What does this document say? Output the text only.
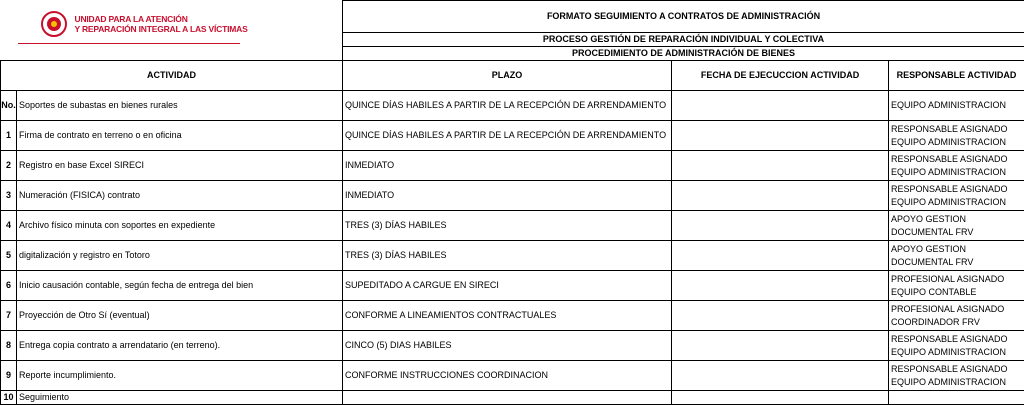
UNIDAD PARA LA ATENCIÓN
Y REPARACIÓN INTEGRAL A LAS VÍCTIMAS		FORMATO SEGUIMIENTO A CONTRATOS DE ADMINISTRACIÓN		
		PROCESO GESTIÓN DE REPARACIÓN INDIVIDUAL Y COLECTIVA		
		PROCEDIMIENTO DE ADMINISTRACIÓN DE BIENES		
ACTIVIDAD		PLAZO	FECHA DE EJECUCCION ACTIVIDAD	RESPONSABLE ACTIVIDAD
No.	Soportes de subastas en bienes rurales	QUINCE DÍAS HABILES A PARTIR DE LA RECEPCIÓN DE ARRENDAMIENTO		EQUIPO ADMINISTRACION
1	Firma de contrato en terreno o en oficina	QUINCE DÍAS HABILES A PARTIR DE LA RECEPCIÓN DE ARRENDAMIENTO		RESPONSABLE ASIGNADO EQUIPO ADMINISTRACION
2	Registro en base Excel SIRECI	INMEDIATO		RESPONSABLE ASIGNADO EQUIPO ADMINISTRACION
3	Numeración (FISICA) contrato	INMEDIATO		RESPONSABLE ASIGNADO EQUIPO ADMINISTRACION
4	Archivo físico minuta con soportes en expediente	TRES (3) DÍAS HABILES		APOYO GESTION DOCUMENTAL FRV
5	digitalización y registro en Totoro	TRES (3) DÍAS HABILES		APOYO GESTION DOCUMENTAL FRV
6	Inicio causación contable, según fecha de entrega del bien	SUPEDITADO A CARGUE EN SIRECI		PROFESIONAL ASIGNADO EQUIPO CONTABLE
7	Proyección de Otro Sí (eventual)	CONFORME A LINEAMIENTOS CONTRACTUALES		PROFESIONAL ASIGNADO COORDINADOR FRV
8	Entrega copia contrato a arrendatario (en terreno).	CINCO (5) DIAS HABILES		RESPONSABLE ASIGNADO EQUIPO ADMINISTRACION
9	Reporte incumplimiento.	CONFORME INSTRUCCIONES COORDINACION		RESPONSABLE ASIGNADO EQUIPO ADMINISTRACION
10	Seguimiento			
